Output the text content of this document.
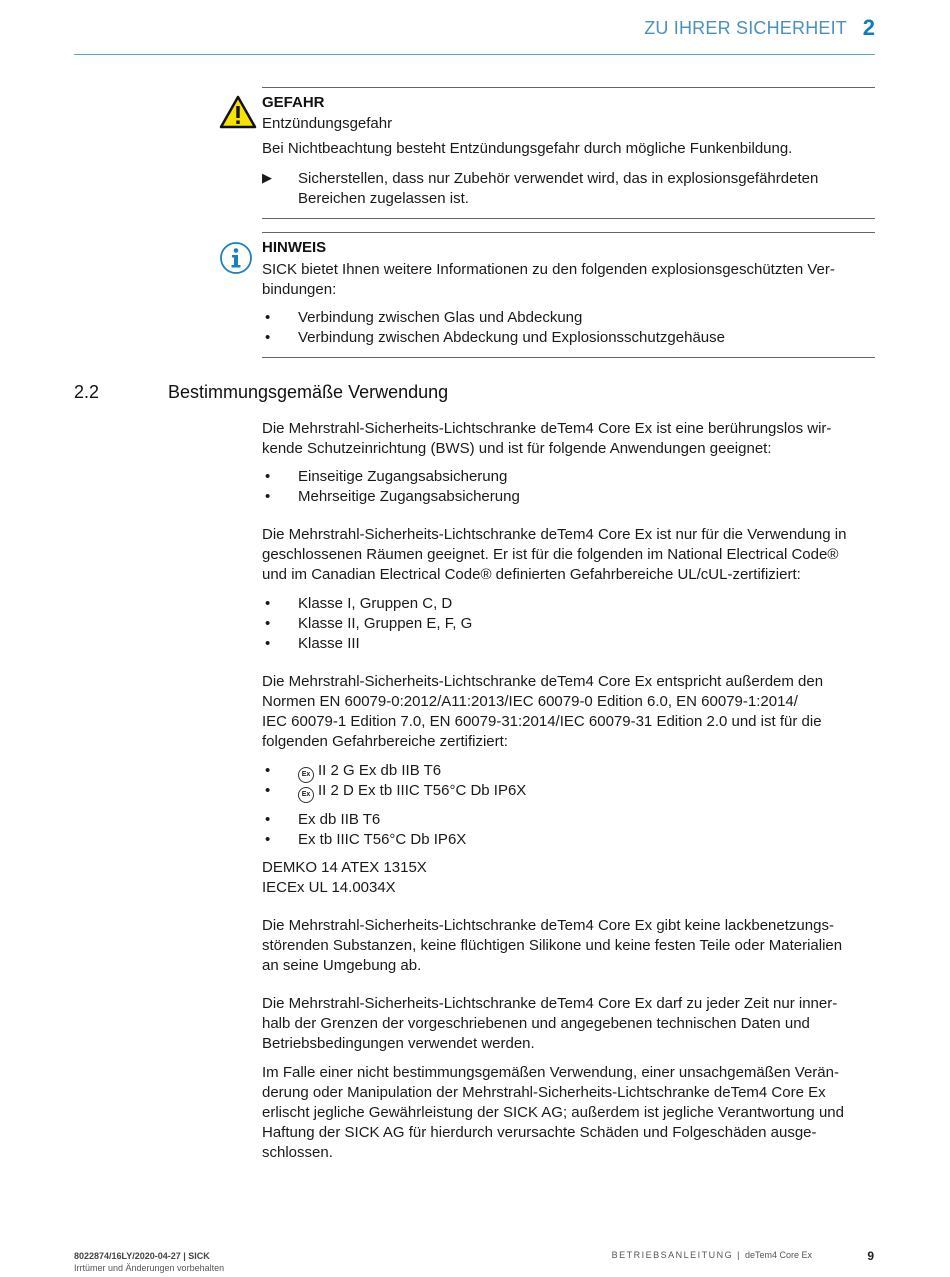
ZU IHRER SICHERHEIT 2
GEFAHR
Entzündungsgefahr
Bei Nichtbeachtung besteht Entzündungsgefahr durch mögliche Funkenbildung.
▶ Sicherstellen, dass nur Zubehör verwendet wird, das in explosionsgefährdeten
Bereichen zugelassen ist.
HINWEIS
SICK bietet Ihnen weitere Informationen zu den folgenden explosionsgeschützten Ver-
bindungen:
• Verbindung zwischen Glas und Abdeckung
• Verbindung zwischen Abdeckung und Explosionsschutzgehäuse
2.2	Bestimmungsgemäße Verwendung
Die Mehrstrahl-Sicherheits-Lichtschranke deTem4 Core Ex ist eine berührungslos wir-
kende Schutzeinrichtung (BWS) und ist für folgende Anwendungen geeignet:
• Einseitige Zugangsabsicherung
• Mehrseitige Zugangsabsicherung
Die Mehrstrahl-Sicherheits-Lichtschranke deTem4 Core Ex ist nur für die Verwendung in
geschlossenen Räumen geeignet. Er ist für die folgenden im National Electrical Code®
und im Canadian Electrical Code® definierten Gefahrbereiche UL/cUL-zertifiziert:
• Klasse I, Gruppen C, D
• Klasse II, Gruppen E, F, G
• Klasse III
Die Mehrstrahl-Sicherheits-Lichtschranke deTem4 Core Ex entspricht außerdem den
Normen EN 60079-0:2012/A11:2013/IEC 60079-0 Edition 6.0, EN 60079-1:2014/
IEC 60079-1 Edition 7.0, EN 60079-31:2014/IEC 60079-31 Edition 2.0 und ist für die
folgenden Gefahrbereiche zertifiziert:
•	Ex II 2 G Ex db IIB T6
•	Ex II 2 D Ex tb IIIC T56°C Db IP6X
• Ex db IIB T6
• Ex tb IIIC T56°C Db IP6X
DEMKO 14 ATEX 1315X
IECEx UL 14.0034X
Die Mehrstrahl-Sicherheits-Lichtschranke deTem4 Core Ex gibt keine lackbenetzungs-
störenden Substanzen, keine flüchtigen Silikone und keine festen Teile oder Materialien
an seine Umgebung ab.
Die Mehrstrahl-Sicherheits-Lichtschranke deTem4 Core Ex darf zu jeder Zeit nur inner-
halb der Grenzen der vorgeschriebenen und angegebenen technischen Daten und
Betriebsbedingungen verwendet werden.
Im Falle einer nicht bestimmungsgemäßen Verwendung, einer unsachgemäßen Verän-
derung oder Manipulation der Mehrstrahl-Sicherheits-Lichtschranke deTem4 Core Ex
erlischt jegliche Gewährleistung der SICK AG; außerdem ist jegliche Verantwortung und
Haftung der SICK AG für hierdurch verursachte Schäden und Folgeschäden ausge-
schlossen.
8022874/16LY/2020-04-27 | SICK
Irrtümer und Änderungen vorbehalten
BETRIEBSANLEITUNG | deTem4 Core Ex	9
